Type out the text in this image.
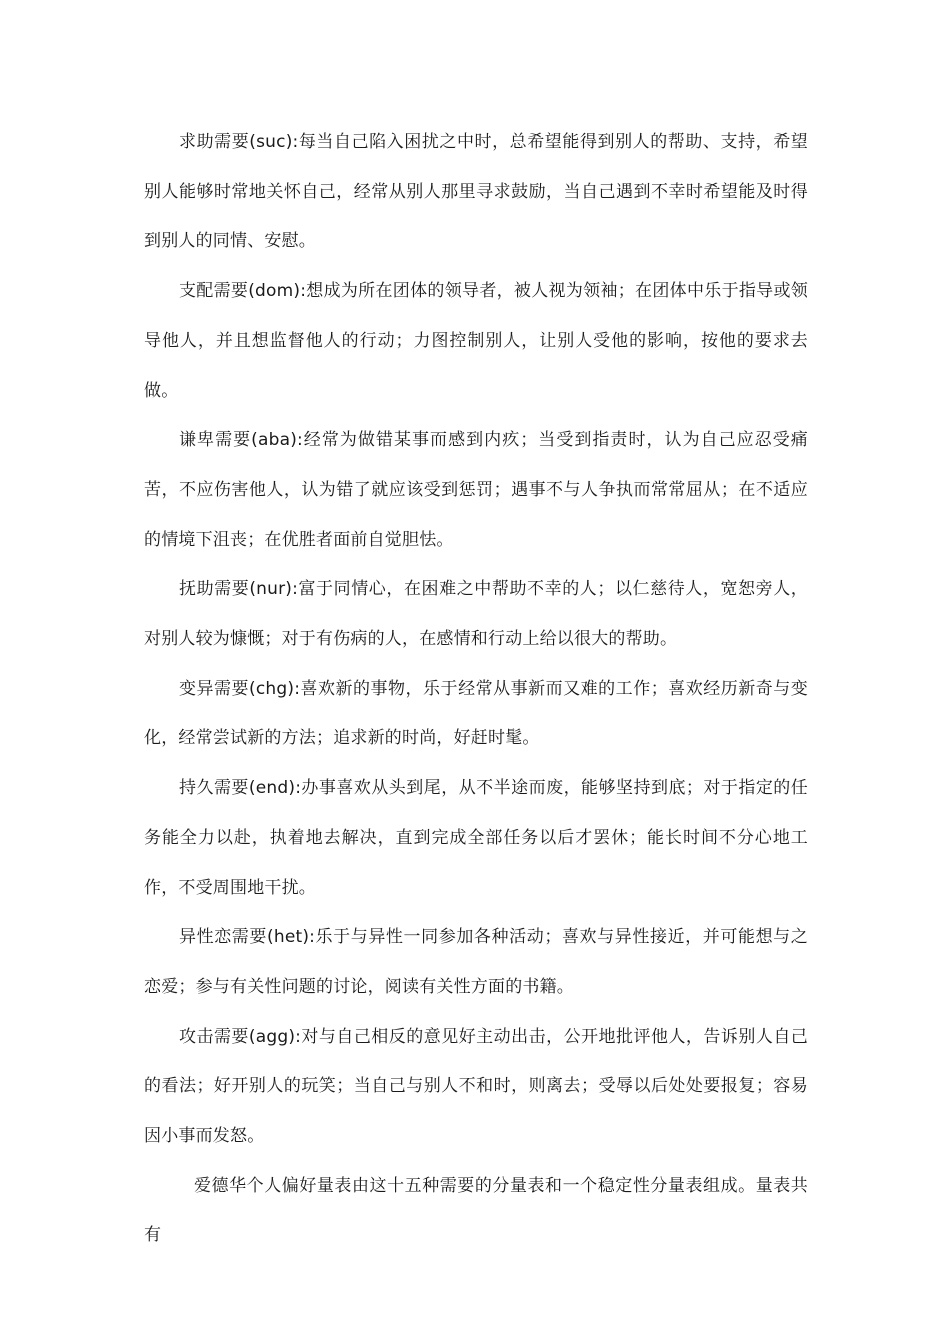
求助需要(suc):每当自己陷入困扰之中时，总希望能得到别人的帮助、支持，希望别人能够时常地关怀自己，经常从别人那里寻求鼓励，当自己遇到不幸时希望能及时得到别人的同情、安慰。

支配需要(dom):想成为所在团体的领导者，被人视为领袖；在团体中乐于指导或领导他人，并且想监督他人的行动；力图控制别人，让别人受他的影响，按他的要求去做。

谦卑需要(aba):经常为做错某事而感到内疚；当受到指责时，认为自己应忍受痛苦，不应伤害他人，认为错了就应该受到惩罚；遇事不与人争执而常常屈从；在不适应的情境下沮丧；在优胜者面前自觉胆怯。

抚助需要(nur):富于同情心，在困难之中帮助不幸的人；以仁慈待人，宽恕旁人，对别人较为慷慨；对于有伤病的人，在感情和行动上给以很大的帮助。

变异需要(chg):喜欢新的事物，乐于经常从事新而又难的工作；喜欢经历新奇与变化，经常尝试新的方法；追求新的时尚，好赶时髦。

持久需要(end):办事喜欢从头到尾，从不半途而废，能够坚持到底；对于指定的任务能全力以赴，执着地去解决，直到完成全部任务以后才罢休；能长时间不分心地工作，不受周围地干扰。

异性恋需要(het):乐于与异性一同参加各种活动；喜欢与异性接近，并可能想与之恋爱；参与有关性问题的讨论，阅读有关性方面的书籍。

攻击需要(agg):对与自己相反的意见好主动出击，公开地批评他人，告诉别人自己的看法；好开别人的玩笑；当自己与别人不和时，则离去；受辱以后处处要报复；容易因小事而发怒。

爱德华个人偏好量表由这十五种需要的分量表和一个稳定性分量表组成。量表共有
